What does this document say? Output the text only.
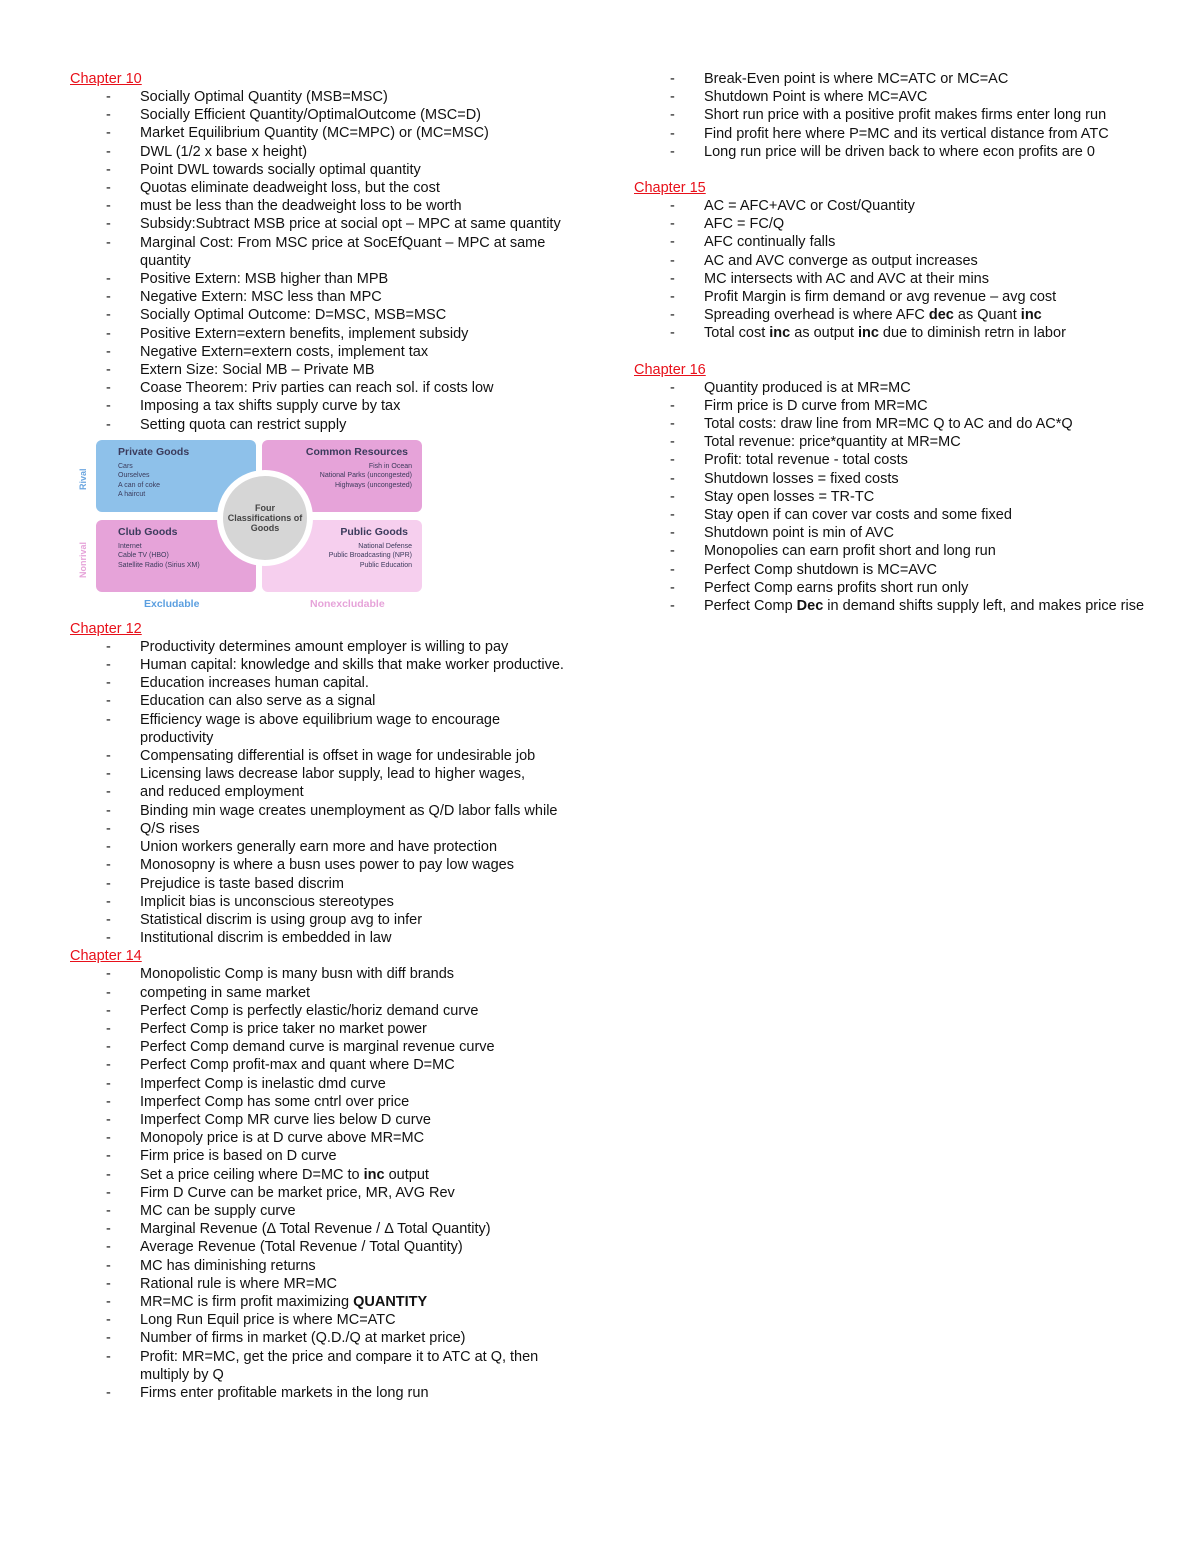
Chapter 10
- Socially Optimal Quantity (MSB=MSC)
- Socially Efficient Quantity/OptimalOutcome (MSC=D)
- Market Equilibrium Quantity (MC=MPC) or (MC=MSC)
- DWL (1/2 x base x height)
- Point DWL towards socially optimal quantity
- Quotas eliminate deadweight loss, but the cost
- must be less than the deadweight loss to be worth
- Subsidy:Subtract MSB price at social opt – MPC at same quantity
- Marginal Cost: From MSC price at SocEfQuant – MPC at same quantity
- Positive Extern: MSB higher than MPB
- Negative Extern: MSC less than MPC
- Socially Optimal Outcome: D=MSC, MSB=MSC
- Positive Extern=extern benefits, implement subsidy
- Negative Extern=extern costs, implement tax
- Extern Size: Social MB – Private MB
- Coase Theorem: Priv parties can reach sol. if costs low
- Imposing a tax shifts supply curve by tax
- Setting quota can restrict supply
Rival
Nonrival
Private Goods
Cars
Ourselves
A can of coke
A haircut
Common Resources
Fish in Ocean
National Parks (uncongested)
Highways (uncongested)
Club Goods
Internet
Cable TV (HBO)
Satellite Radio (Sirius XM)
Public Goods
National Defense
Public Broadcasting (NPR)
Public Education
Four Classifications of Goods
Excludable	Nonexcludable
Chapter 12
- Productivity determines amount employer is willing to pay
- Human capital: knowledge and skills that make worker productive.
- Education increases human capital.
- Education can also serve as a signal
- Efficiency wage is above equilibrium wage to encourage productivity
- Compensating differential is offset in wage for undesirable job
- Licensing laws decrease labor supply, lead to higher wages,
- and reduced employment
- Binding min wage creates unemployment as Q/D labor falls while
- Q/S rises
- Union workers generally earn more and have protection
- Monosopny is where a busn uses power to pay low wages
- Prejudice is taste based discrim
- Implicit bias is unconscious stereotypes
- Statistical discrim is using group avg to infer
- Institutional discrim is embedded in law
Chapter 14
- Monopolistic Comp is many busn with diff brands
- competing in same market
- Perfect Comp is perfectly elastic/horiz demand curve
- Perfect Comp is price taker no market power
- Perfect Comp demand curve is marginal revenue curve
- Perfect Comp profit-max and quant where D=MC
- Imperfect Comp is inelastic dmd curve
- Imperfect Comp has some cntrl over price
- Imperfect Comp MR curve lies below D curve
- Monopoly price is at D curve above MR=MC
- Firm price is based on D curve
- Set a price ceiling where D=MC to inc output
- Firm D Curve can be market price, MR, AVG Rev
- MC can be supply curve
- Marginal Revenue (Δ Total Revenue / Δ Total Quantity)
- Average Revenue (Total Revenue / Total Quantity)
- MC has diminishing returns
- Rational rule is where MR=MC
- MR=MC is firm profit maximizing QUANTITY
- Long Run Equil price is where MC=ATC
- Number of firms in market (Q.D./Q at market price)
- Profit: MR=MC, get the price and compare it to ATC at Q, then multiply by Q
- Firms enter profitable markets in the long run
- Break-Even point is where MC=ATC or MC=AC
- Shutdown Point is where MC=AVC
- Short run price with a positive profit makes firms enter long run
- Find profit here where P=MC and its vertical distance from ATC
- Long run price will be driven back to where econ profits are 0
Chapter 15
- AC = AFC+AVC or Cost/Quantity
- AFC = FC/Q
- AFC continually falls
- AC and AVC converge as output increases
- MC intersects with AC and AVC at their mins
- Profit Margin is firm demand or avg revenue – avg cost
- Spreading overhead is where AFC dec as Quant inc
- Total cost inc as output inc due to diminish retrn in labor
Chapter 16
- Quantity produced is at MR=MC
- Firm price is D curve from MR=MC
- Total costs: draw line from MR=MC Q to AC and do AC*Q
- Total revenue: price*quantity at MR=MC
- Profit: total revenue - total costs
- Shutdown losses = fixed costs
- Stay open losses = TR-TC
- Stay open if can cover var costs and some fixed
- Shutdown point is min of AVC
- Monopolies can earn profit short and long run
- Perfect Comp shutdown is MC=AVC
- Perfect Comp earns profits short run only
- Perfect Comp Dec in demand shifts supply left, and makes price rise
